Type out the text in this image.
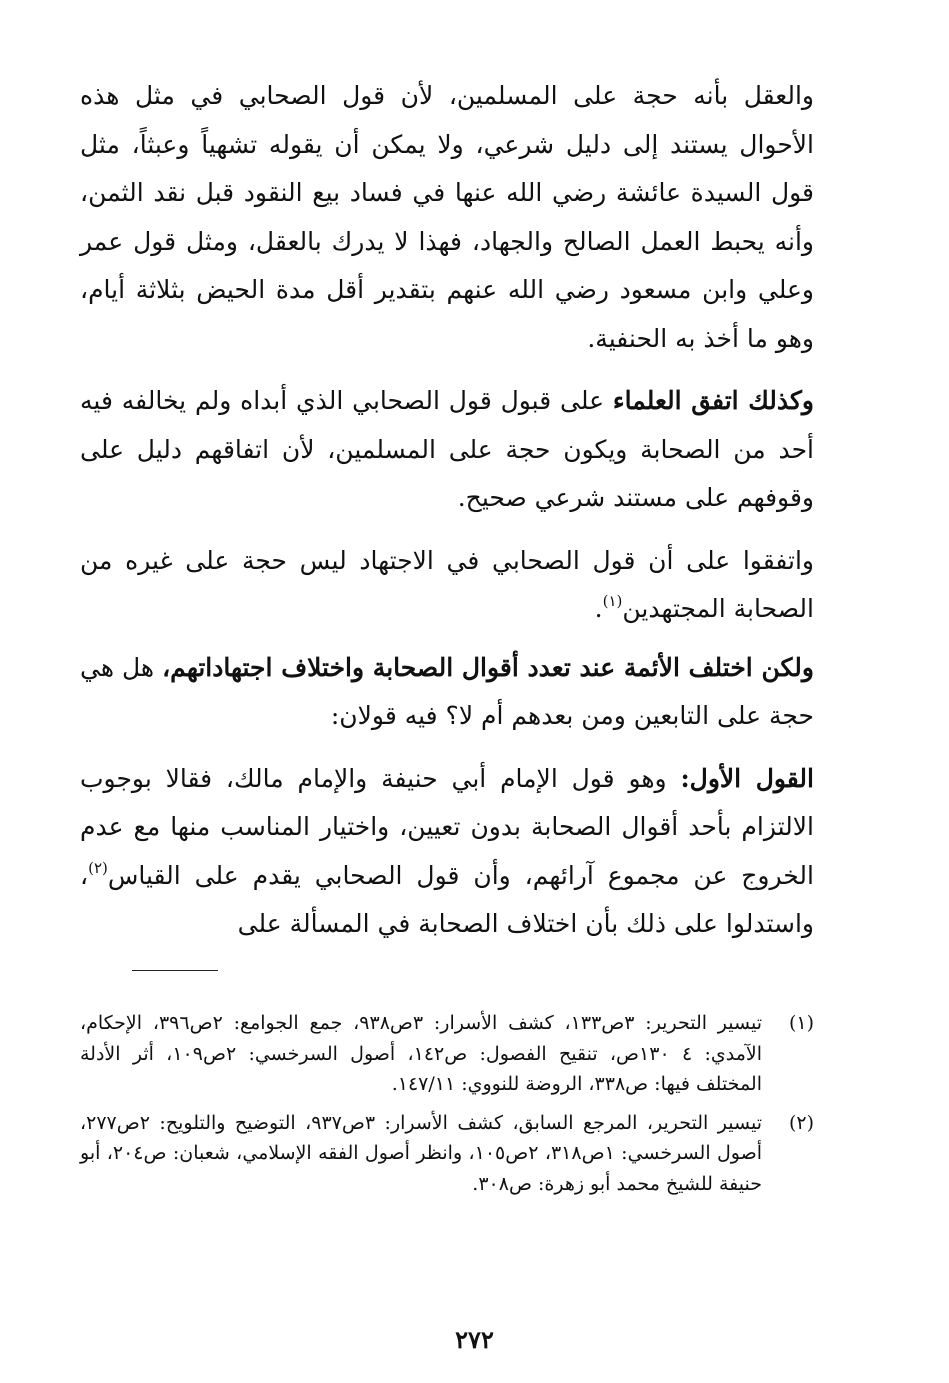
والعقل بأنه حجة على المسلمين، لأن قول الصحابي في مثل هذه الأحوال يستند إلى دليل شرعي، ولا يمكن أن يقوله تشهياً وعبثاً، مثل قول السيدة عائشة رضي الله عنها في فساد بيع النقود قبل نقد الثمن، وأنه يحبط العمل الصالح والجهاد، فهذا لا يدرك بالعقل، ومثل قول عمر وعلي وابن مسعود رضي الله عنهم بتقدير أقل مدة الحيض بثلاثة أيام، وهو ما أخذ به الحنفية.

وكذلك اتفق العلماء على قبول قول الصحابي الذي أبداه ولم يخالفه فيه أحد من الصحابة ويكون حجة على المسلمين، لأن اتفاقهم دليل على وقوفهم على مستند شرعي صحيح.

واتفقوا على أن قول الصحابي في الاجتهاد ليس حجة على غيره من الصحابة المجتهدين$^{(١)}$.

ولكن اختلف الأئمة عند تعدد أقوال الصحابة واختلاف اجتهاداتهم، هل هي حجة على التابعين ومن بعدهم أم لا؟ فيه قولان:

القول الأول: وهو قول الإمام أبي حنيفة والإمام مالك، فقالا بوجوب الالتزام بأحد أقوال الصحابة بدون تعيين، واختيار المناسب منها مع عدم الخروج عن مجموع آرائهم، وأن قول الصحابي يقدم على القياس$^{(٢)}$، واستدلوا على ذلك بأن اختلاف الصحابة في المسألة على

(١)
تيسير التحرير: ٣ص١٣٣، كشف الأسرار: ٣ص٩٣٨، جمع الجوامع: ٢ص٣٩٦، الإحكام، الآمدي: ٤ ١٣٠ص، تنقيح الفصول: ص١٤٢، أصول السرخسي: ٢ص١٠٩، أثر الأدلة المختلف فيها: ص٣٣٨، الروضة للنووي: ١٤٧/١١.
(٢)
تيسير التحرير، المرجع السابق، كشف الأسرار: ٣ص٩٣٧، التوضيح والتلويح: ٢ص٢٧٧، أصول السرخسي: ١ص٣١٨، ٢ص١٠٥، وانظر أصول الفقه الإسلامي، شعبان: ص٢٠٤، أبو حنيفة للشيخ محمد أبو زهرة: ص٣٠٨.
٢٧٢
